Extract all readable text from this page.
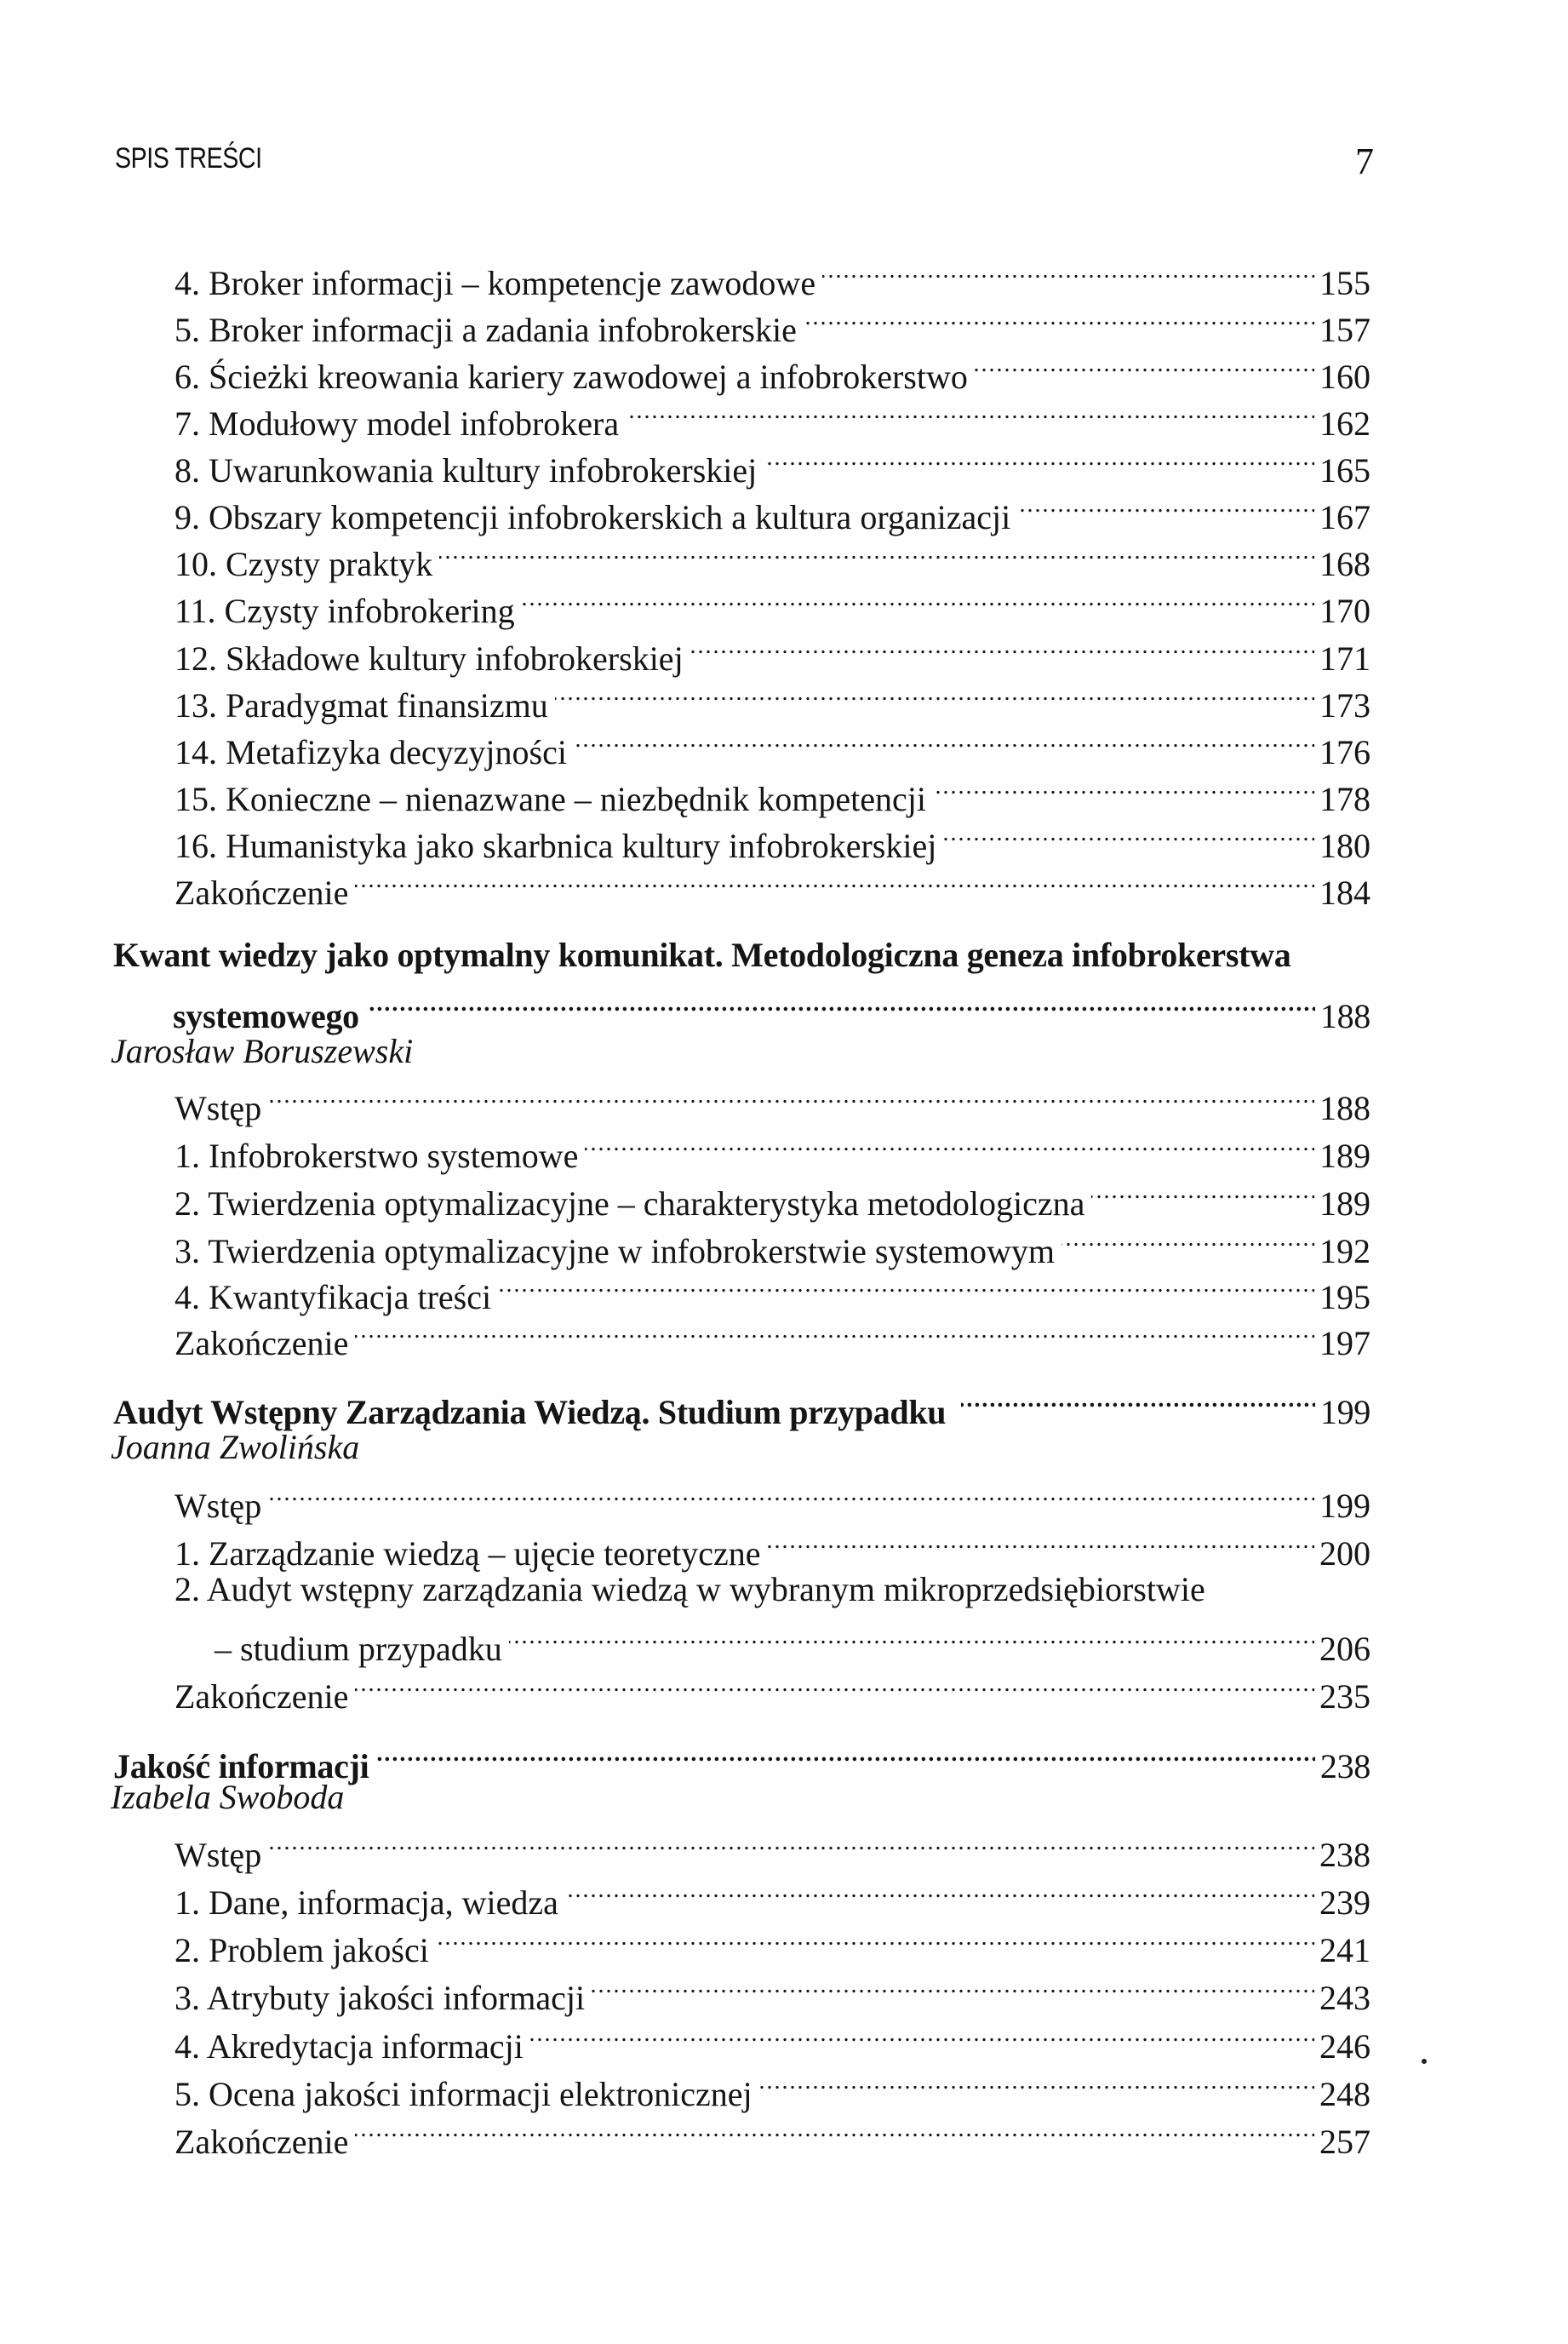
SPIS TREŚCI	7
4. Broker informacji – kompetencje zawodowe . . .	155
5. Broker informacji a zadania infobrokerskie . . .	157
6. Ścieżki kreowania kariery zawodowej a infobrokerstwo . . .	160
7. Modułowy model infobrokera . . .	162
8. Uwarunkowania kultury infobrokerskiej . . .	165
9. Obszary kompetencji infobrokerskich a kultura organizacji . . .	167
10. Czysty praktyk . . .	168
11. Czysty infobrokering . . .	170
12. Składowe kultury infobrokerskiej . . .	171
13. Paradygmat finansizmu . . .	173
14. Metafizyka decyzyjności . . .	176
15. Konieczne – nienazwane – niezbędnik kompetencji . . .	178
16. Humanistyka jako skarbnica kultury infobrokerskiej . . .	180
Zakończenie . . .	184
Kwant wiedzy jako optymalny komunikat. Metodologiczna geneza infobrokerstwa
systemowego . . .	188
Jarosław Boruszewski
Wstęp . . .	188
1. Infobrokerstwo systemowe . . .	189
2. Twierdzenia optymalizacyjne – charakterystyka metodologiczna . . .	189
3. Twierdzenia optymalizacyjne w infobrokerstwie systemowym . . .	192
4. Kwantyfikacja treści . . .	195
Zakończenie . . .	197
Audyt Wstępny Zarządzania Wiedzą. Studium przypadku . . .	199
Joanna Zwolińska
Wstęp . . .	199
1. Zarządzanie wiedzą – ujęcie teoretyczne . . .	200
2. Audyt wstępny zarządzania wiedzą w wybranym mikroprzedsiębiorstwie
– studium przypadku . . .	206
Zakończenie . . .	235
Jakość informacji . . .	238
Izabela Swoboda
Wstęp . . .	238
1. Dane, informacja, wiedza . . .	239
2. Problem jakości . . .	241
3. Atrybuty jakości informacji . . .	243
4. Akredytacja informacji . . .	246
5. Ocena jakości informacji elektronicznej . . .	248
Zakończenie . . .	257
